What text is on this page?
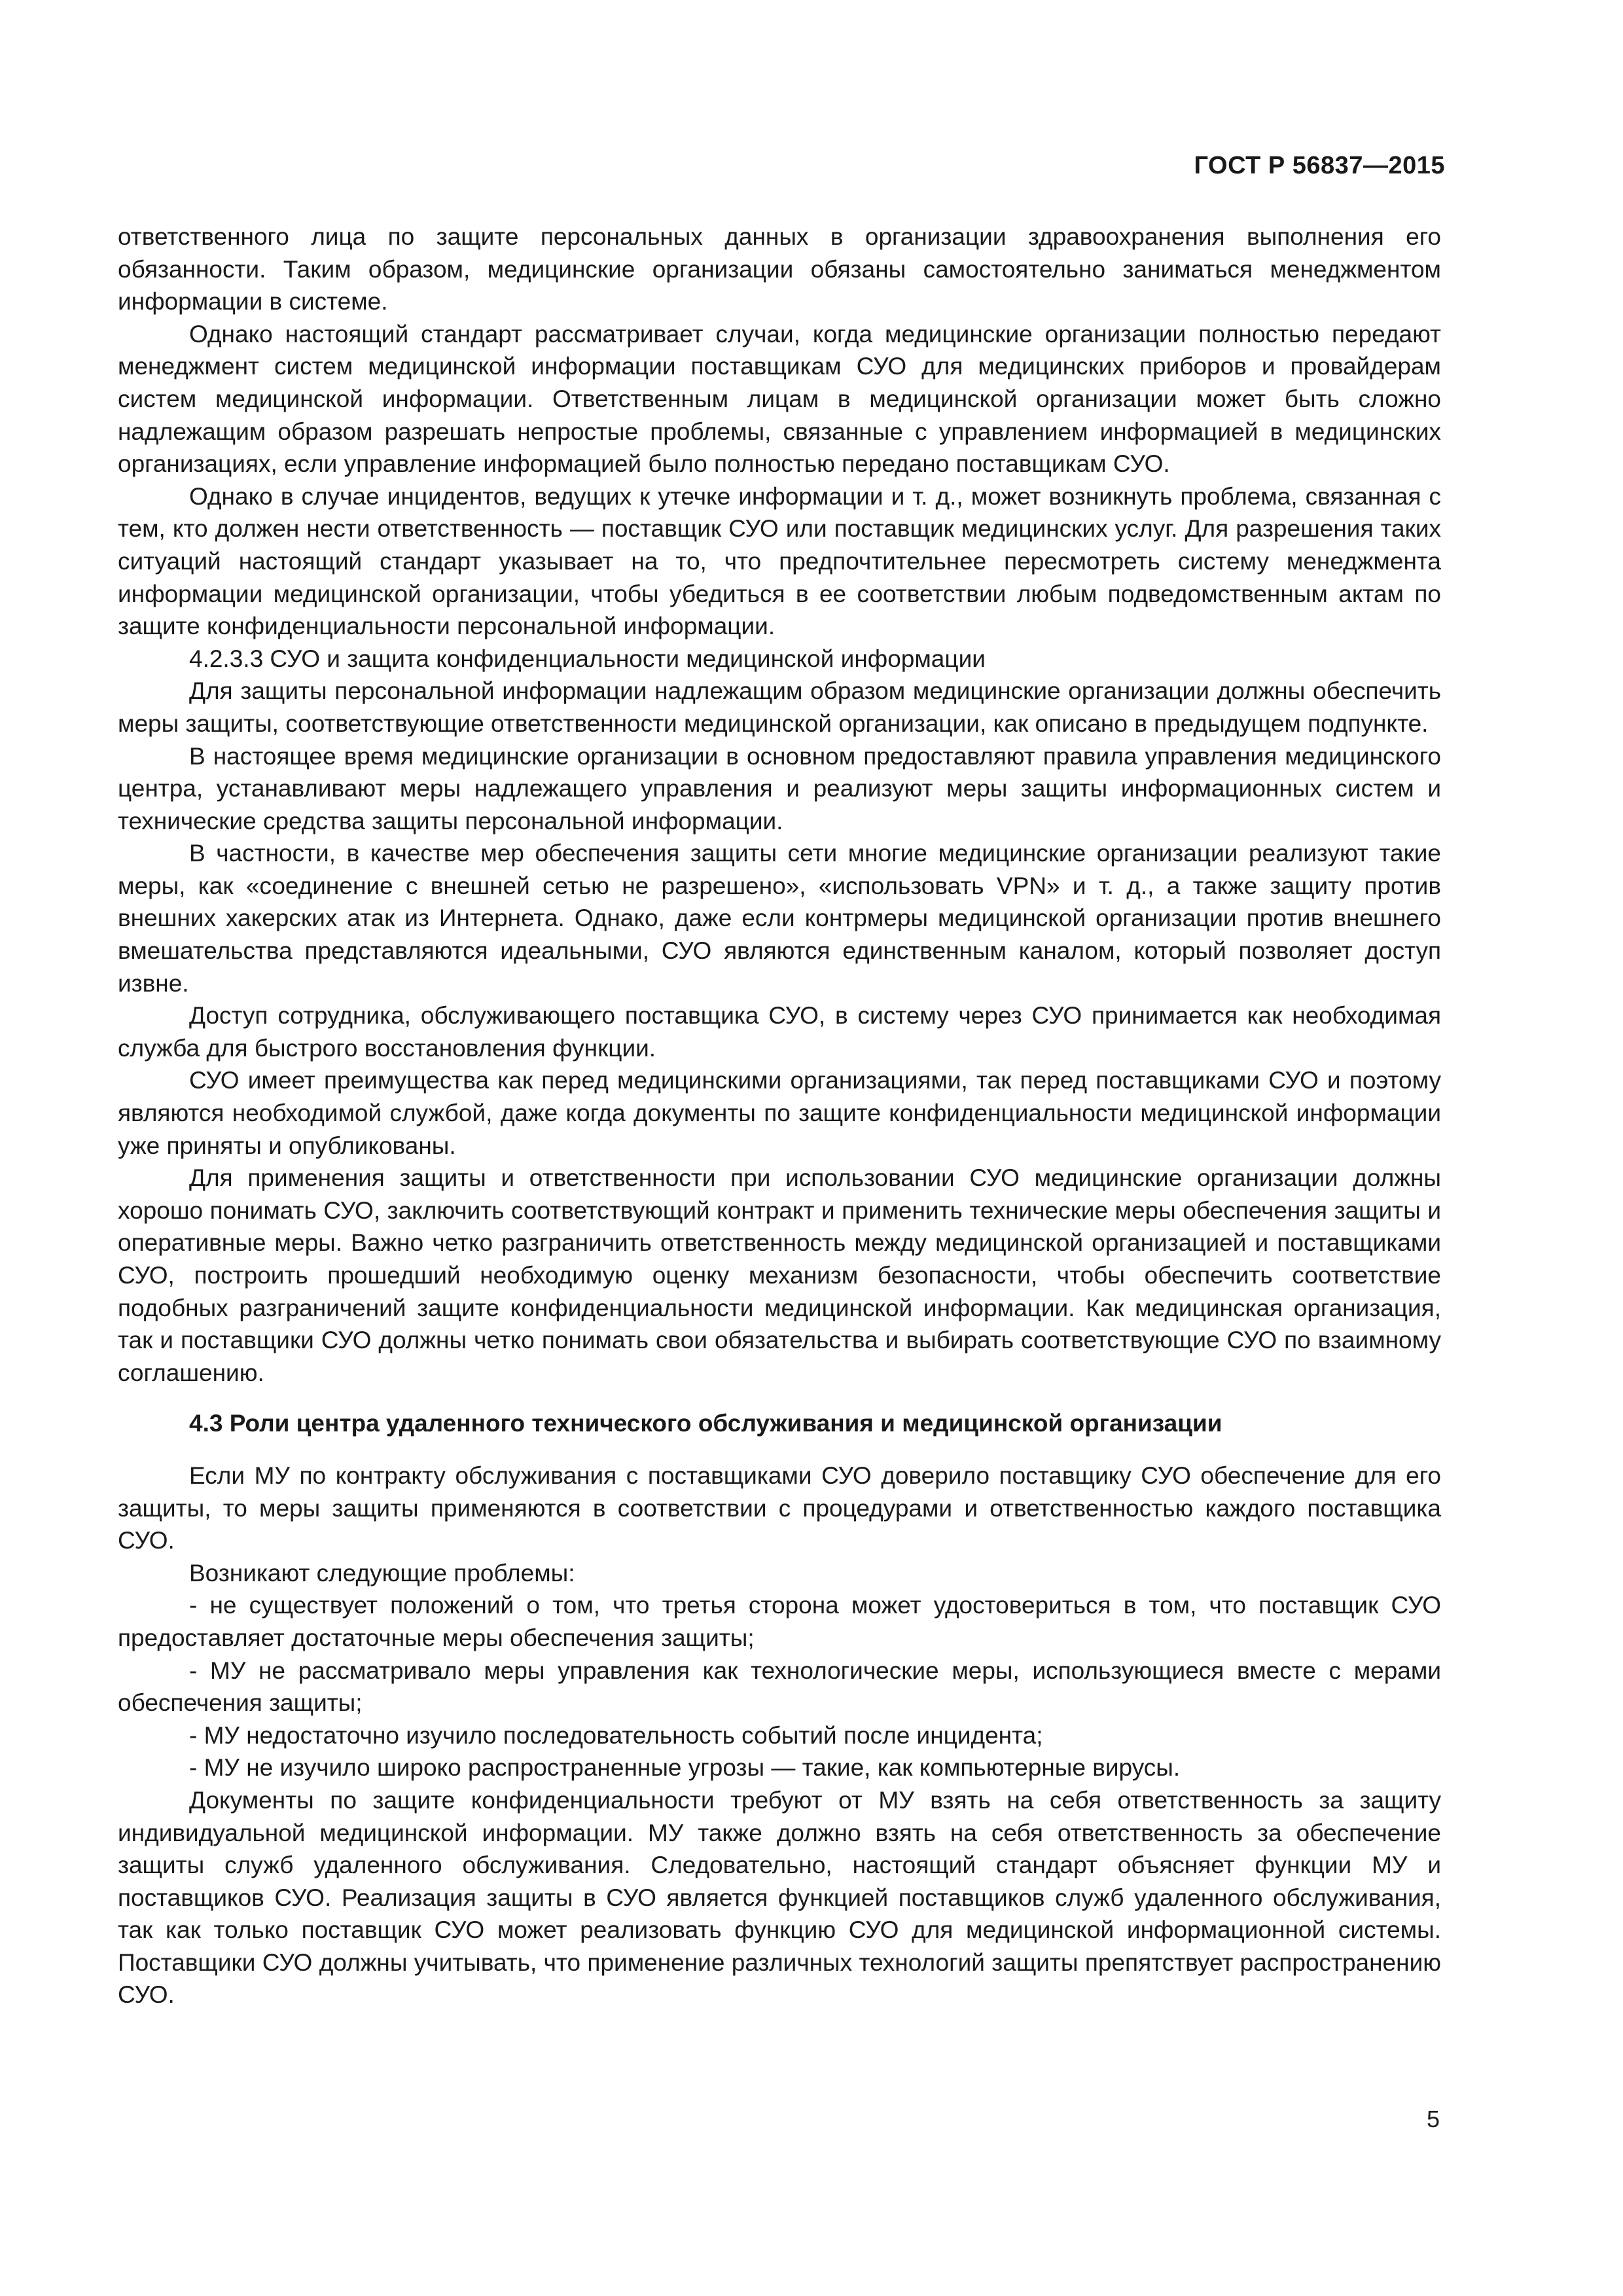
ГОСТ Р 56837—2015

ответственного лица по защите персональных данных в организации здравоохранения выполнения его обязанности. Таким образом, медицинские организации обязаны самостоятельно заниматься менеджментом информации в системе.

Однако настоящий стандарт рассматривает случаи, когда медицинские организации полностью передают менеджмент систем медицинской информации поставщикам СУО для медицинских приборов и провайдерам систем медицинской информации. Ответственным лицам в медицинской организации может быть сложно надлежащим образом разрешать непростые проблемы, связанные с управлением информацией в медицинских организациях, если управление информацией было полностью передано поставщикам СУО.

Однако в случае инцидентов, ведущих к утечке информации и т. д., может возникнуть проблема, связанная с тем, кто должен нести ответственность — поставщик СУО или поставщик медицинских услуг. Для разрешения таких ситуаций настоящий стандарт указывает на то, что предпочтительнее пересмотреть систему менеджмента информации медицинской организации, чтобы убедиться в ее соответствии любым подведомственным актам по защите конфиденциальности персональной информации.

4.2.3.3 СУО и защита конфиденциальности медицинской информации

Для защиты персональной информации надлежащим образом медицинские организации должны обеспечить меры защиты, соответствующие ответственности медицинской организации, как описано в предыдущем подпункте.

В настоящее время медицинские организации в основном предоставляют правила управления медицинского центра, устанавливают меры надлежащего управления и реализуют меры защиты информационных систем и технические средства защиты персональной информации.

В частности, в качестве мер обеспечения защиты сети многие медицинские организации реализуют такие меры, как «соединение с внешней сетью не разрешено», «использовать VPN» и т. д., а также защиту против внешних хакерских атак из Интернета. Однако, даже если контрмеры медицинской организации против внешнего вмешательства представляются идеальными, СУО являются единственным каналом, который позволяет доступ извне.

Доступ сотрудника, обслуживающего поставщика СУО, в систему через СУО принимается как необходимая служба для быстрого восстановления функции.

СУО имеет преимущества как перед медицинскими организациями, так перед поставщиками СУО и поэтому являются необходимой службой, даже когда документы по защите конфиденциальности медицинской информации уже приняты и опубликованы.

Для применения защиты и ответственности при использовании СУО медицинские организации должны хорошо понимать СУО, заключить соответствующий контракт и применить технические меры обеспечения защиты и оперативные меры. Важно четко разграничить ответственность между медицинской организацией и поставщиками СУО, построить прошедший необходимую оценку механизм безопасности, чтобы обеспечить соответствие подобных разграничений защите конфиденциальности медицинской информации. Как медицинская организация, так и поставщики СУО должны четко понимать свои обязательства и выбирать соответствующие СУО по взаимному соглашению.

4.3 Роли центра удаленного технического обслуживания и медицинской организации

Если МУ по контракту обслуживания с поставщиками СУО доверило поставщику СУО обеспечение для его защиты, то меры защиты применяются в соответствии с процедурами и ответственностью каждого поставщика СУО.

Возникают следующие проблемы:

- не существует положений о том, что третья сторона может удостовериться в том, что поставщик СУО предоставляет достаточные меры обеспечения защиты;

- МУ не рассматривало меры управления как технологические меры, использующиеся вместе с мерами обеспечения защиты;

- МУ недостаточно изучило последовательность событий после инцидента;

- МУ не изучило широко распространенные угрозы — такие, как компьютерные вирусы.

Документы по защите конфиденциальности требуют от МУ взять на себя ответственность за защиту индивидуальной медицинской информации. МУ также должно взять на себя ответственность за обеспечение защиты служб удаленного обслуживания. Следовательно, настоящий стандарт объясняет функции МУ и поставщиков СУО. Реализация защиты в СУО является функцией поставщиков служб удаленного обслуживания, так как только поставщик СУО может реализовать функцию СУО для медицинской информационной системы. Поставщики СУО должны учитывать, что применение различных технологий защиты препятствует распространению СУО.

5
